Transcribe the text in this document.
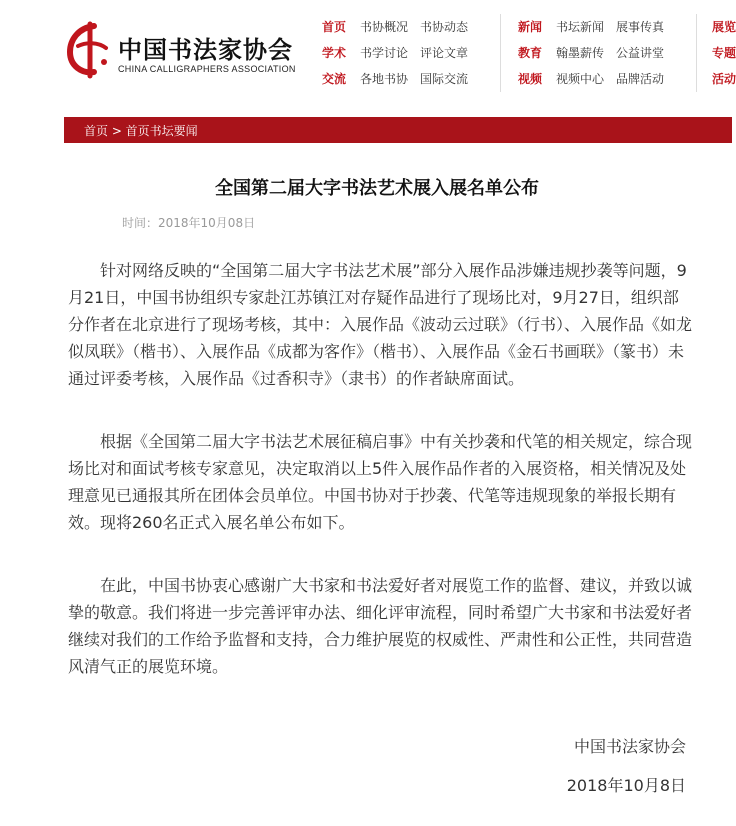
中国书法家协会
CHINA CALLIGRAPHERS ASSOCIATION
首页 书协概况 书协动态	新闻 书坛新闻 展事传真	展览
学术 书学讨论 评论文章	教育 翰墨薪传 公益讲堂	专题
交流 各地书协 国际交流	视频 视频中心 品牌活动	活动
首页 > 首页书坛要闻
全国第二届大字书法艺术展入展名单公布
时间：2018年10月08日

针对网络反映的“全国第二届大字书法艺术展”部分入展作品涉嫌违规抄袭等问题，9月21日，中国书协组织专家赴江苏镇江对存疑作品进行了现场比对，9月27日，组织部分作者在北京进行了现场考核，其中：入展作品《波动云过联》（行书）、入展作品《如龙似凤联》（楷书）、入展作品《成都为客作》（楷书）、入展作品《金石书画联》（篆书）未通过评委考核，入展作品《过香积寺》（隶书）的作者缺席面试。

根据《全国第二届大字书法艺术展征稿启事》中有关抄袭和代笔的相关规定，综合现场比对和面试考核专家意见，决定取消以上5件入展作品作者的入展资格，相关情况及处理意见已通报其所在团体会员单位。中国书协对于抄袭、代笔等违规现象的举报长期有效。现将260名正式入展名单公布如下。

在此，中国书协衷心感谢广大书家和书法爱好者对展览工作的监督、建议，并致以诚挚的敬意。我们将进一步完善评审办法、细化评审流程，同时希望广大书家和书法爱好者继续对我们的工作给予监督和支持，合力维护展览的权威性、严肃性和公正性，共同营造风清气正的展览环境。

中国书法家协会
2018年10月8日
